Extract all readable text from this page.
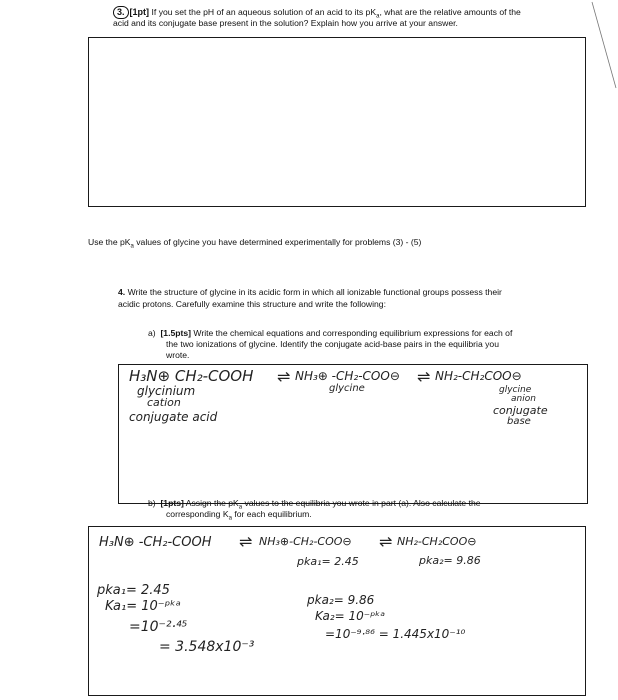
3. [1pt] If you set the pH of an aqueous solution of an acid to its $pK_a$, what are the relative amounts of the
acid and its conjugate base present in the solution? Explain how you arrive at your answer.
Use the $pK_a$ values of glycine you have determined experimentally for problems (3) - (5)
4. Write the structure of glycine in its acidic form in which all ionizable functional groups possess their
acidic protons. Carefully examine this structure and write the following:
a) [1.5pts] Write the chemical equations and corresponding equilibrium expressions for each of
the two ionizations of glycine. Identify the conjugate acid-base pairs in the equilibria you
wrote.
H₃N⊕ CH₂-COOH ⇌ NH₃⊕ -CH₂-COO⊖ ⇌ NH₂-CH₂COO⊖
glycinium
cation
conjugate acid
glycine	glycine
anion
conjugate
base
b) [1pts] Assign the $pK_a$ values to the equilibria you wrote in part (a). Also calculate the
corresponding $K_a$ for each equilibrium.
H₃N⊕ -CH₂-COOH ⇌ NH₃⊕-CH₂-COO⊖ ⇌ NH₂-CH₂COO⊖
pka₁= 2.45	pka₂= 9.86
pka₁= 2.45
Ka₁= 10⁻ᵖᵏᵃ
=10⁻²·⁴⁵
= 3.548x10⁻³
pka₂= 9.86
Ka₂= 10⁻ᵖᵏᵃ
=10⁻⁹·⁸⁶ = 1.445x10⁻¹⁰
